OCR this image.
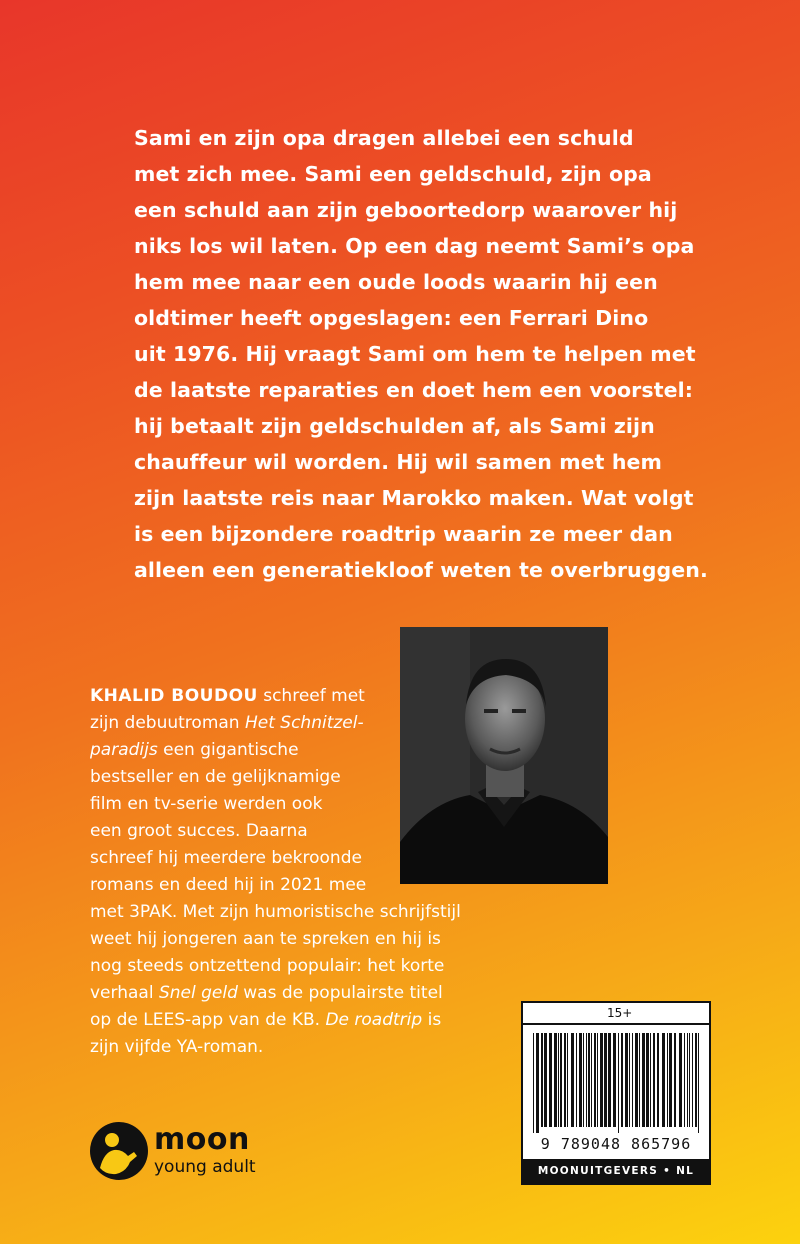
Sami en zijn opa dragen allebei een schuld
met zich mee. Sami een geldschuld, zijn opa
een schuld aan zijn geboortedorp waarover hij
niks los wil laten. Op een dag neemt Sami’s opa
hem mee naar een oude loods waarin hij een
oldtimer heeft opgeslagen: een Ferrari Dino
uit 1976. Hij vraagt Sami om hem te helpen met
de laatste reparaties en doet hem een voorstel:
hij betaalt zijn geldschulden af, als Sami zijn
chauffeur wil worden. Hij wil samen met hem
zijn laatste reis naar Marokko maken. Wat volgt
is een bijzondere roadtrip waarin ze meer dan
alleen een generatiekloof weten te overbruggen.
KHALID BOUDOU schreef met
zijn debuutroman Het Schnitzel-
paradijs een gigantische
bestseller en de gelijknamige
film en tv-serie werden ook
een groot succes. Daarna
schreef hij meerdere bekroonde
romans en deed hij in 2021 mee
met 3PAK. Met zijn humoristische schrijfstijl
weet hij jongeren aan te spreken en hij is
nog steeds ontzettend populair: het korte
verhaal Snel geld was de populairste titel
op de LEES-app van de KB. De roadtrip is
zijn vijfde YA-roman.
15+
9 789048 865796
MOONUITGEVERS • NL
moon
young adult
